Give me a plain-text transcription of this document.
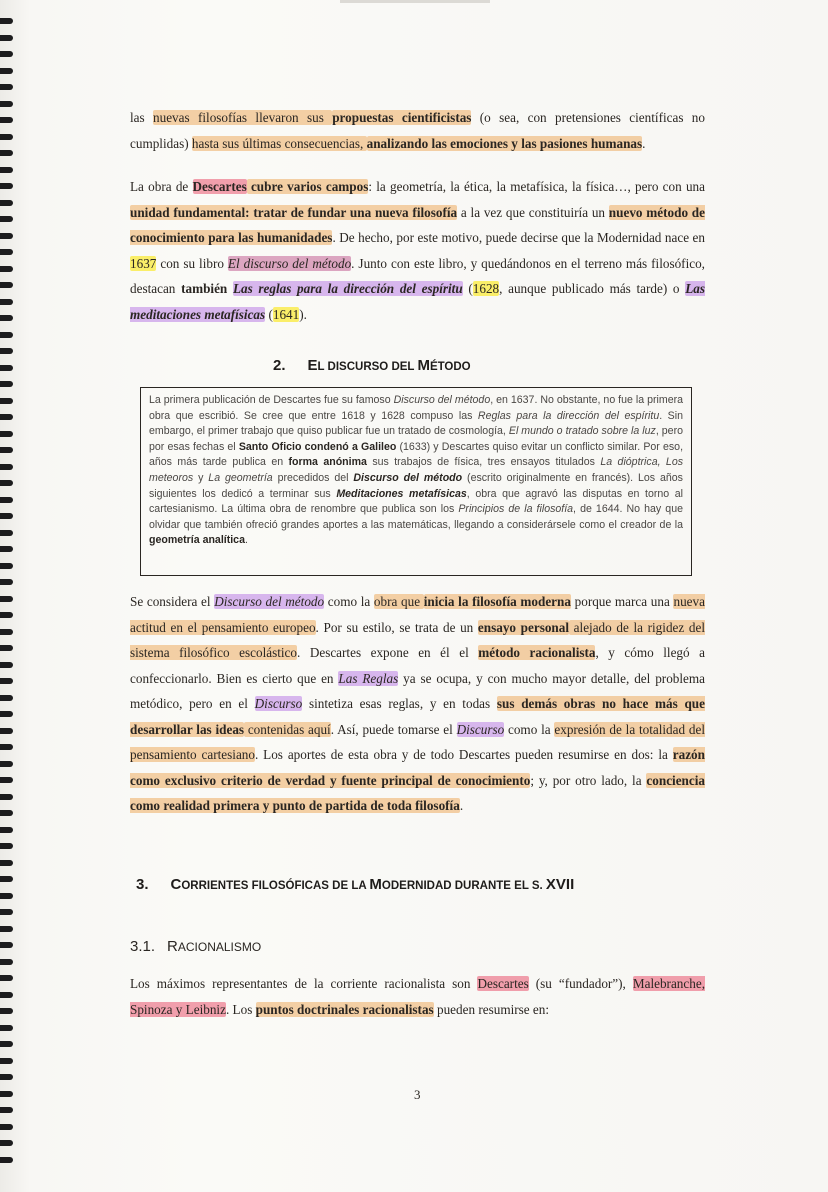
las nuevas filosofías llevaron sus propuestas cientificistas (o sea, con pretensiones científicas no cumplidas) hasta sus últimas consecuencias, analizando las emociones y las pasiones humanas.

La obra de Descartes cubre varios campos: la geometría, la ética, la metafísica, la física…, pero con una unidad fundamental: tratar de fundar una nueva filosofía a la vez que constituiría un nuevo método de conocimiento para las humanidades. De hecho, por este motivo, puede decirse que la Modernidad nace en 1637 con su libro El discurso del método. Junto con este libro, y quedándonos en el terreno más filosófico, destacan también Las reglas para la dirección del espíritu (1628, aunque publicado más tarde) o Las meditaciones metafísicas (1641).

2. EL DISCURSO DEL MÉTODO
La primera publicación de Descartes fue su famoso Discurso del método, en 1637. No obstante, no fue la primera obra que escribió. Se cree que entre 1618 y 1628 compuso las Reglas para la dirección del espíritu. Sin embargo, el primer trabajo que quiso publicar fue un tratado de cosmología, El mundo o tratado sobre la luz, pero por esas fechas el Santo Oficio condenó a Galileo (1633) y Descartes quiso evitar un conflicto similar. Por eso, años más tarde publica en forma anónima sus trabajos de física, tres ensayos titulados La dióptrica, Los meteoros y La geometría precedidos del Discurso del método (escrito originalmente en francés). Los años siguientes los dedicó a terminar sus Meditaciones metafísicas, obra que agravó las disputas en torno al cartesianismo. La última obra de renombre que publica son los Principios de la filosofía, de 1644. No hay que olvidar que también ofreció grandes aportes a las matemáticas, llegando a considerársele como el creador de la geometría analítica.

Se considera el Discurso del método como la obra que inicia la filosofía moderna porque marca una nueva actitud en el pensamiento europeo. Por su estilo, se trata de un ensayo personal alejado de la rigidez del sistema filosófico escolástico. Descartes expone en él el método racionalista, y cómo llegó a confeccionarlo. Bien es cierto que en Las Reglas ya se ocupa, y con mucho mayor detalle, del problema metódico, pero en el Discurso sintetiza esas reglas, y en todas sus demás obras no hace más que desarrollar las ideas contenidas aquí. Así, puede tomarse el Discurso como la expresión de la totalidad del pensamiento cartesiano. Los aportes de esta obra y de todo Descartes pueden resumirse en dos: la razón como exclusivo criterio de verdad y fuente principal de conocimiento; y, por otro lado, la conciencia como realidad primera y punto de partida de toda filosofía.

3. CORRIENTES FILOSÓFICAS DE LA MODERNIDAD DURANTE EL S. XVII
3.1. RACIONALISMO

Los máximos representantes de la corriente racionalista son Descartes (su “fundador”), Malebranche, Spinoza y Leibniz. Los puntos doctrinales racionalistas pueden resumirse en:

3
